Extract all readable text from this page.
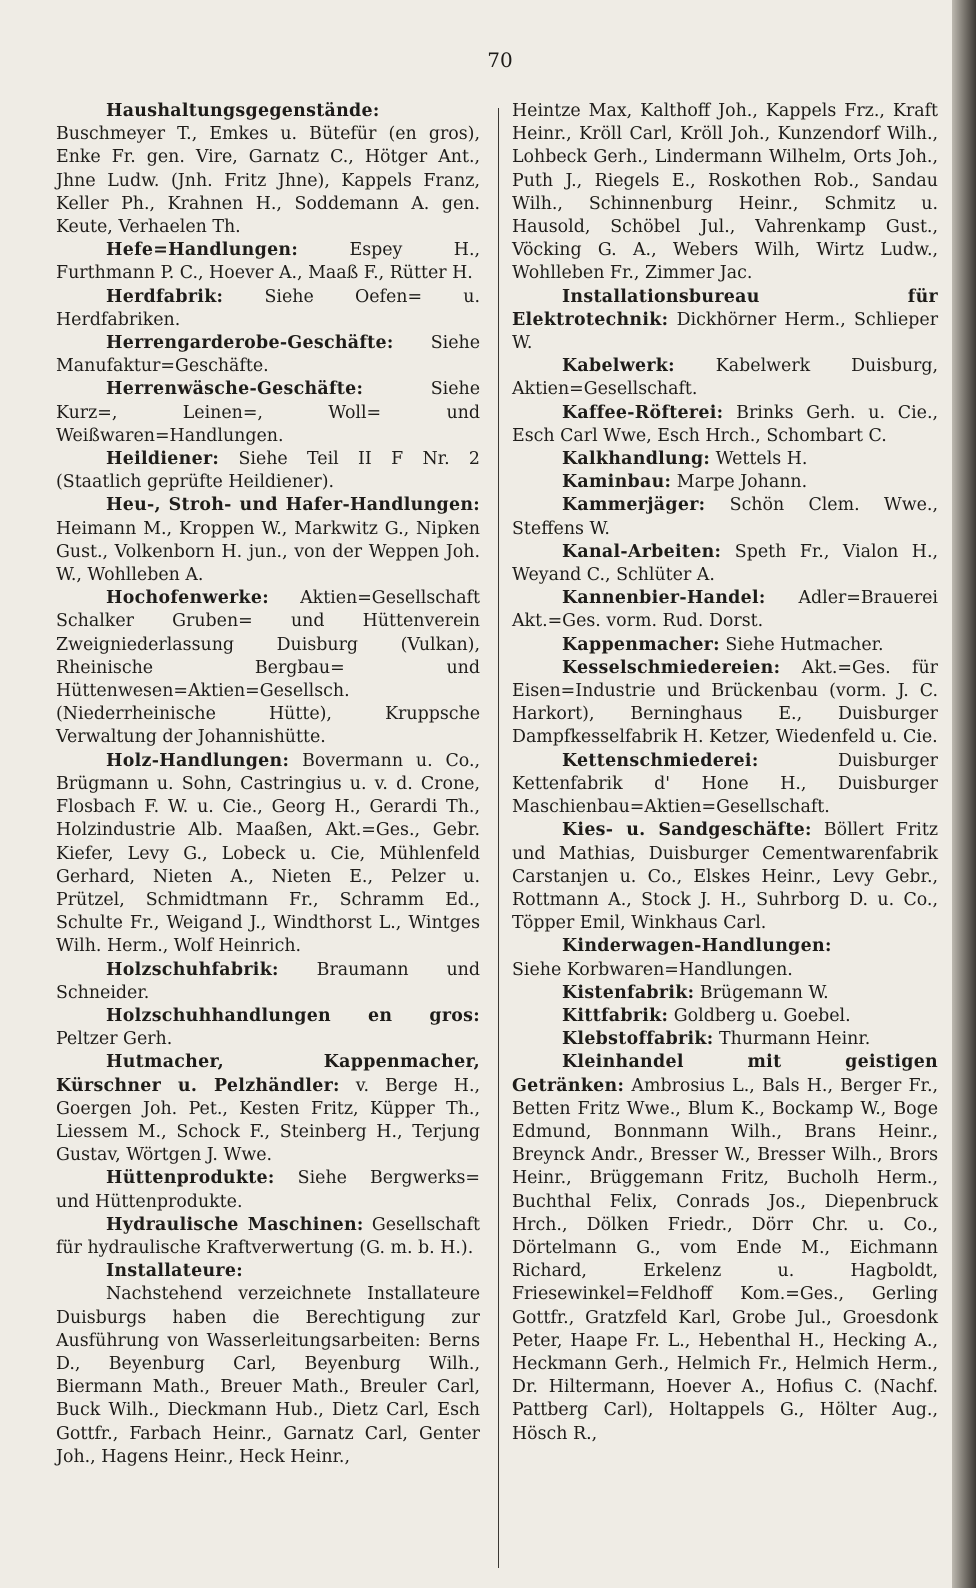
70

Haushaltungsgegenstände: Buschmeyer T., Emkes u. Bütefür (en gros), Enke Fr. gen. Vire, Garnatz C., Hötger Ant., Jhne Ludw. (Jnh. Fritz Jhne), Kappels Franz, Keller Ph., Krahnen H., Soddemann A. gen. Keute, Verhaelen Th.

Hefe=Handlungen:	Espey H., Furthmann P. C., Hoever A., Maaß F., Rütter H.

Herdfabrik: Siehe Oefen= u. Herdfabriken.

Herrengarderobe-Geschäfte: Siehe Manufaktur=Geschäfte.

Herrenwäsche-Geschäfte:	Siehe Kurz=, Leinen=, Woll= und Weißwaren=Handlungen.

Heildiener: Siehe Teil II F Nr. 2 (Staatlich geprüfte Heildiener).

Heu-, Stroh- und Hafer-Handlungen: Heimann M., Kroppen W., Markwitz G., Nipken Gust., Volkenborn H. jun., von der Weppen Joh. W., Wohlleben A.

Hochofenwerke: Aktien=Gesellschaft Schalker Gruben= und Hüttenverein Zweigniederlassung Duisburg (Vulkan), Rheinische Bergbau= und Hüttenwesen=Aktien=Gesellsch. (Niederrheinische Hütte), Kruppsche Verwaltung der Johannishütte.

Holz-Handlungen: Bovermann u. Co., Brügmann u. Sohn, Castringius u. v. d. Crone, Flosbach F. W. u. Cie., Georg H., Gerardi Th., Holzindustrie Alb. Maaßen, Akt.=Ges., Gebr. Kiefer, Levy G., Lobeck u. Cie, Mühlenfeld Gerhard, Nieten A., Nieten E., Pelzer u. Prützel, Schmidtmann Fr., Schramm Ed., Schulte Fr., Weigand J., Windthorst L., Wintges Wilh. Herm., Wolf Heinrich.

Holzschuhfabrik: Braumann und Schneider.

Holzschuhhandlungen en gros: Peltzer Gerh.

Hutmacher, Kappenmacher, Kürschner u. Pelzhändler: v. Berge H., Goergen Joh. Pet., Kesten Fritz, Küpper Th., Liessem M., Schock F., Steinberg H., Terjung Gustav, Wörtgen J. Wwe.

Hüttenprodukte: Siehe Bergwerks= und Hüttenprodukte.

Hydraulische Maschinen: Gesellschaft für hydraulische Kraftverwertung (G. m. b. H.).

Installateure:

Nachstehend verzeichnete Installateure Duisburgs haben die Berechtigung zur Ausführung von Wasserleitungsarbeiten: Berns D., Beyenburg Carl, Beyenburg Wilh., Biermann Math., Breuer Math., Breuler Carl, Buck Wilh., Dieckmann Hub., Dietz Carl, Esch Gottfr., Farbach Heinr., Garnatz Carl, Genter Joh., Hagens Heinr., Heck Heinr.,

Heintze Max, Kalthoff Joh., Kappels Frz., Kraft Heinr., Kröll Carl, Kröll Joh., Kunzendorf Wilh., Lohbeck Gerh., Lindermann Wilhelm, Orts Joh., Puth J., Riegels E., Roskothen Rob., Sandau Wilh., Schinnenburg Heinr., Schmitz u. Hausold, Schöbel Jul., Vahrenkamp Gust., Vöcking G. A., Webers Wilh, Wirtz Ludw., Wohlleben Fr., Zimmer Jac.

Installationsbureau für Elektrotechnik: Dickhörner Herm., Schlieper W.

Kabelwerk: Kabelwerk Duisburg, Aktien=Gesellschaft.

Kaffee-Röfterei: Brinks Gerh. u. Cie., Esch Carl Wwe, Esch Hrch., Schombart C.

Kalkhandlung: Wettels H.

Kaminbau: Marpe Johann.

Kammerjäger: Schön Clem. Wwe., Steffens W.

Kanal-Arbeiten: Speth Fr., Vialon H., Weyand C., Schlüter A.

Kannenbier-Handel: Adler=Brauerei Akt.=Ges. vorm. Rud. Dorst.

Kappenmacher: Siehe Hutmacher.

Kesselschmiedereien: Akt.=Ges. für Eisen=Industrie und Brückenbau (vorm. J. C. Harkort), Berninghaus E., Duisburger Dampfkesselfabrik H. Ketzer, Wiedenfeld u. Cie.

Kettenschmiederei:	Duisburger Kettenfabrik d' Hone H., Duisburger Maschienbau=Aktien=Gesellschaft.

Kies- u. Sandgeschäfte: Böllert Fritz und Mathias, Duisburger Cementwarenfabrik Carstanjen u. Co., Elskes Heinr., Levy Gebr., Rottmann A., Stock J. H., Suhrborg D. u. Co., Töpper Emil, Winkhaus Carl.

Kinderwagen-Handlungen:

Siehe Korbwaren=Handlungen.

Kistenfabrik: Brügemann W.

Kittfabrik: Goldberg u. Goebel.

Klebstoffabrik: Thurmann Heinr.

Kleinhandel mit geistigen Getränken: Ambrosius L., Bals H., Berger Fr., Betten Fritz Wwe., Blum K., Bockamp W., Boge Edmund, Bonnmann Wilh., Brans Heinr., Breynck Andr., Bresser W., Bresser Wilh., Brors Heinr., Brüggemann Fritz, Bucholh Herm., Buchthal Felix, Conrads Jos., Diepenbruck Hrch., Dölken Friedr., Dörr Chr. u. Co., Dörtelmann G., vom Ende M., Eichmann Richard, Erkelenz u. Hagboldt, Friesewinkel=Feldhoff Kom.=Ges., Gerling Gottfr., Gratzfeld Karl, Grobe Jul., Groesdonk Peter, Haape Fr. L., Hebenthal H., Hecking A., Heckmann Gerh., Helmich Fr., Helmich Herm., Dr. Hiltermann, Hoever A., Hofius C. (Nachf. Pattberg Carl), Holtappels G., Hölter Aug., Hösch R.,
